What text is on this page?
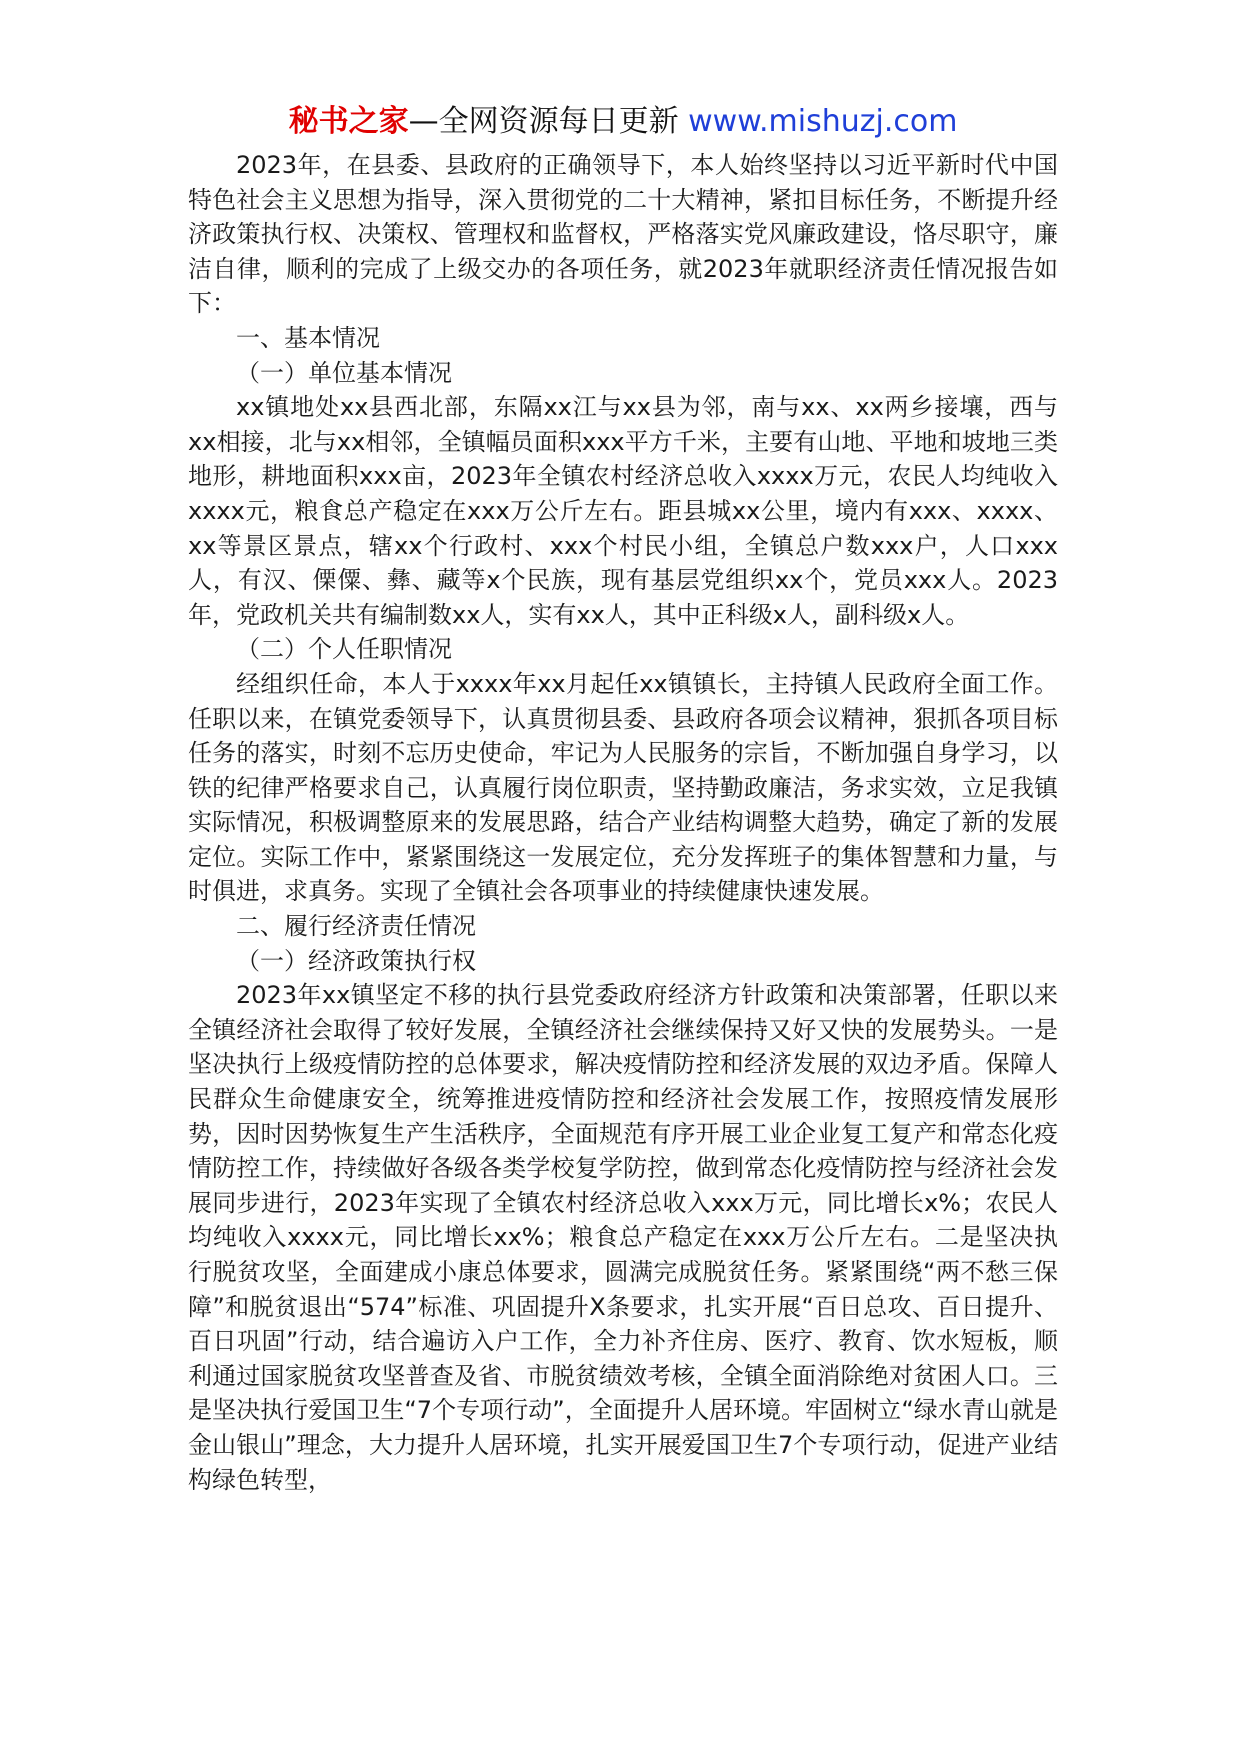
秘书之家—全网资源每日更新 www.mishuzj.com

2023年，在县委、县政府的正确领导下，本人始终坚持以习近平新时代中国特色社会主义思想为指导，深入贯彻党的二十大精神，紧扣目标任务，不断提升经济政策执行权、决策权、管理权和监督权，严格落实党风廉政建设，恪尽职守，廉洁自律，顺利的完成了上级交办的各项任务，就2023年就职经济责任情况报告如下：

一、基本情况

（一）单位基本情况

xx镇地处xx县西北部，东隔xx江与xx县为邻，南与xx、xx两乡接壤，西与xx相接，北与xx相邻，全镇幅员面积xxx平方千米，主要有山地、平地和坡地三类地形，耕地面积xxx亩，2023年全镇农村经济总收入xxxx万元，农民人均纯收入xxxx元，粮食总产稳定在xxx万公斤左右。距县城xx公里，境内有xxx、xxxx、xx等景区景点，辖xx个行政村、xxx个村民小组，全镇总户数xxx户，人口xxx人，有汉、傈僳、彝、藏等x个民族，现有基层党组织xx个，党员xxx人。2023年，党政机关共有编制数xx人，实有xx人，其中正科级x人，副科级x人。

（二）个人任职情况

经组织任命，本人于xxxx年xx月起任xx镇镇长，主持镇人民政府全面工作。任职以来，在镇党委领导下，认真贯彻县委、县政府各项会议精神，狠抓各项目标任务的落实，时刻不忘历史使命，牢记为人民服务的宗旨，不断加强自身学习，以铁的纪律严格要求自己，认真履行岗位职责，坚持勤政廉洁，务求实效，立足我镇实际情况，积极调整原来的发展思路，结合产业结构调整大趋势，确定了新的发展定位。实际工作中，紧紧围绕这一发展定位，充分发挥班子的集体智慧和力量，与时俱进，求真务。实现了全镇社会各项事业的持续健康快速发展。

二、履行经济责任情况

（一）经济政策执行权

2023年xx镇坚定不移的执行县党委政府经济方针政策和决策部署，任职以来全镇经济社会取得了较好发展，全镇经济社会继续保持又好又快的发展势头。一是坚决执行上级疫情防控的总体要求，解决疫情防控和经济发展的双边矛盾。保障人民群众生命健康安全，统筹推进疫情防控和经济社会发展工作，按照疫情发展形势，因时因势恢复生产生活秩序，全面规范有序开展工业企业复工复产和常态化疫情防控工作，持续做好各级各类学校复学防控，做到常态化疫情防控与经济社会发展同步进行，2023年实现了全镇农村经济总收入xxx万元，同比增长x%；农民人均纯收入xxxx元，同比增长xx%；粮食总产稳定在xxx万公斤左右。二是坚决执行脱贫攻坚，全面建成小康总体要求，圆满完成脱贫任务。紧紧围绕“两不愁三保障”和脱贫退出“574”标准、巩固提升X条要求，扎实开展“百日总攻、百日提升、百日巩固”行动，结合遍访入户工作，全力补齐住房、医疗、教育、饮水短板，顺利通过国家脱贫攻坚普查及省、市脱贫绩效考核，全镇全面消除绝对贫困人口。三是坚决执行爱国卫生“7个专项行动”，全面提升人居环境。牢固树立“绿水青山就是金山银山”理念，大力提升人居环境，扎实开展爱国卫生7个专项行动，促进产业结构绿色转型，
